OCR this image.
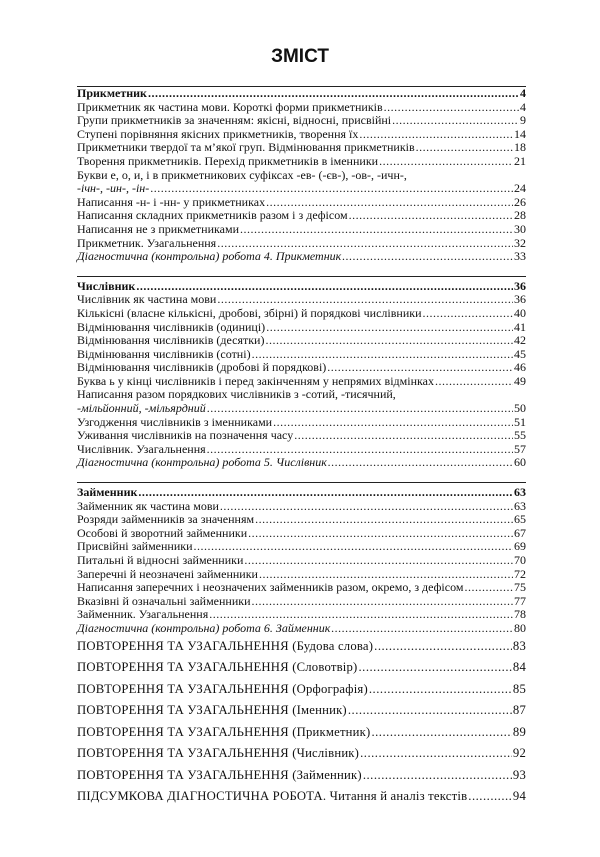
ЗМІСТ
Прикметник .....	4
Прикметник як частина мови. Короткі форми прикметників .....	4
Групи прикметників за значенням: якісні, відносні, присвійні .....	9
Ступені порівняння якісних прикметників, творення їх .....	14
Прикметники твердої та м’якої груп. Відмінювання прикметників .....	18
Творення прикметників. Перехід прикметників в іменники .....	21
Букви е, о, и, і в прикметникових суфіксах -ев- (-єв-), -ов-, -ичн-,
-ічн-, -ин-, -ін- .....	24
Написання -н- і -нн- у прикметниках .....	26
Написання складних прикметників разом і з дефісом .....	28
Написання не з прикметниками .....	30
Прикметник. Узагальнення .....	32
Діагностична (контрольна) робота 4. Прикметник .....	33
Числівник .....	36
Числівник як частина мови .....	36
Кількісні (власне кількісні, дробові, збірні) й порядкові числівники .....	40
Відмінювання числівників (одиниці) .....	41
Відмінювання числівників (десятки) .....	42
Відмінювання числівників (сотні) .....	45
Відмінювання числівників (дробові й порядкові) .....	46
Буква ь у кінці числівників і перед закінченням у непрямих відмінках .....	49
Написання разом порядкових числівників з -сотий, -тисячний,
-мільйонний, -мільярдний .....	50
Узгодження числівників з іменниками .....	51
Уживання числівників на позначення часу .....	55
Числівник. Узагальнення .....	57
Діагностична (контрольна) робота 5. Числівник .....	60
Займенник .....	63
Займенник як частина мови .....	63
Розряди займенників за значенням .....	65
Особові й зворотний займенники .....	67
Присвійні займенники .....	69
Питальні й відносні займенники .....	70
Заперечні й неозначені займенники .....	72
Написання заперечних і неозначених займенників разом, окремо, з дефісом .....	75
Вказівні й означальні займенники .....	77
Займенник. Узагальнення .....	78
Діагностична (контрольна) робота 6. Займенник .....	80
ПОВТОРЕННЯ ТА УЗАГАЛЬНЕННЯ (Будова слова) .....	83
ПОВТОРЕННЯ ТА УЗАГАЛЬНЕННЯ (Словотвір) .....	84
ПОВТОРЕННЯ ТА УЗАГАЛЬНЕННЯ (Орфографія) .....	85
ПОВТОРЕННЯ ТА УЗАГАЛЬНЕННЯ (Іменник) .....	87
ПОВТОРЕННЯ ТА УЗАГАЛЬНЕННЯ (Прикметник) .....	89
ПОВТОРЕННЯ ТА УЗАГАЛЬНЕННЯ (Числівник) .....	92
ПОВТОРЕННЯ ТА УЗАГАЛЬНЕННЯ (Займенник) .....	93
ПІДСУМКОВА ДІАГНОСТИЧНА РОБОТА. Читання й аналіз текстів .....	94
